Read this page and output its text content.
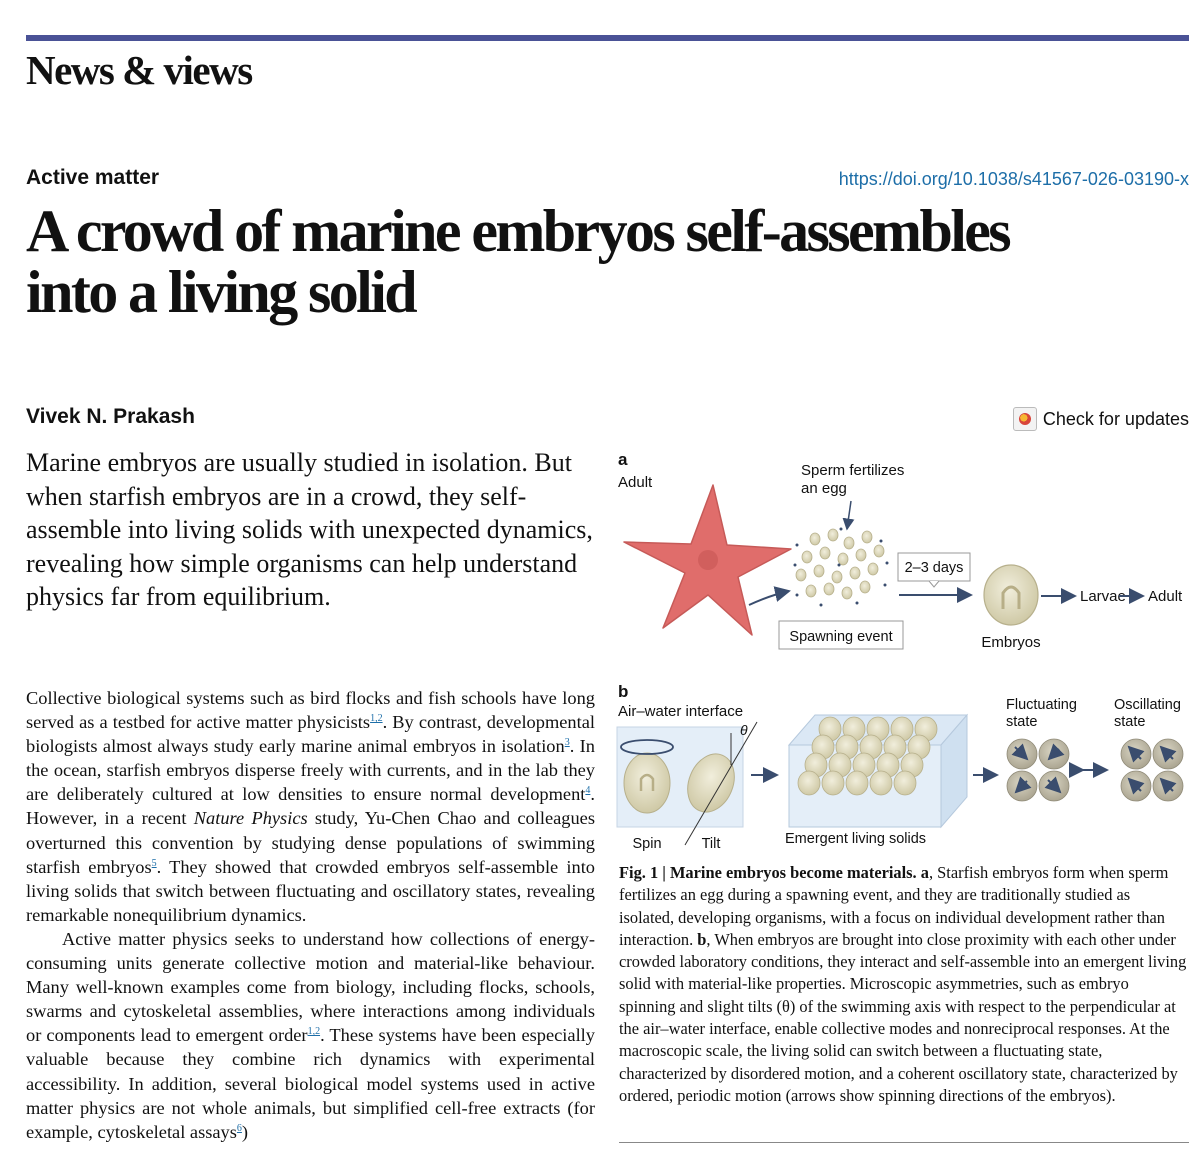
News & views
Active matter	https://doi.org/10.1038/s41567-026-03190-x
A crowd of marine embryos self-assembles
into a living solid
Vivek N. Prakash	Check for updates
Marine embryos are usually studied in isolation. But when starfish embryos are in a crowd, they self-assemble into living solids with unexpected dynamics, revealing how simple organisms can help understand physics far from equilibrium.

Collective biological systems such as bird flocks and fish schools have long served as a testbed for active matter physicists$^{1,2}$. By contrast, developmental biologists almost always study early marine animal embryos in isolation$^3$. In the ocean, starfish embryos disperse freely with currents, and in the lab they are deliberately cultured at low densities to ensure normal development$^4$. However, in a recent Nature Physics study, Yu-Chen Chao and colleagues overturned this convention by studying dense populations of swimming starfish embryos$^5$. They showed that crowded embryos self-assemble into living solids that switch between fluctuating and oscillatory states, revealing remarkable nonequilibrium dynamics.

Active matter physics seeks to understand how collections of energy-consuming units generate collective motion and material-like behaviour. Many well-known examples come from biology, including flocks, schools, swarms and cytoskeletal assemblies, where interactions among individuals or components lead to emergent order$^{1,2}$. These systems have been especially valuable because they combine rich dynamics with experimental accessibility. In addition, several biological model systems used in active matter physics are not whole animals, but simplified cell-free extracts (for example, cytoskeletal assays$^6$)

a
Adult
Sperm fertilizes
an egg
Spawning event
2–3 days
Embryos
Larvae Adult
b
Air–water interface
θ
Spin	Tilt	Emergent living solids
Fluctuating
state
Oscillating
state
Fig. 1 | Marine embryos become materials. a, Starfish embryos form when sperm fertilizes an egg during a spawning event, and they are traditionally studied as isolated, developing organisms, with a focus on individual development rather than interaction. b, When embryos are brought into close proximity with each other under crowded laboratory conditions, they interact and self-assemble into an emergent living solid with material-like properties. Microscopic asymmetries, such as embryo spinning and slight tilts (θ) of the swimming axis with respect to the perpendicular at the air–water interface, enable collective modes and nonreciprocal responses. At the macroscopic scale, the living solid can switch between a fluctuating state, characterized by disordered motion, and a coherent oscillatory state, characterized by ordered, periodic motion (arrows show spinning directions of the embryos).
